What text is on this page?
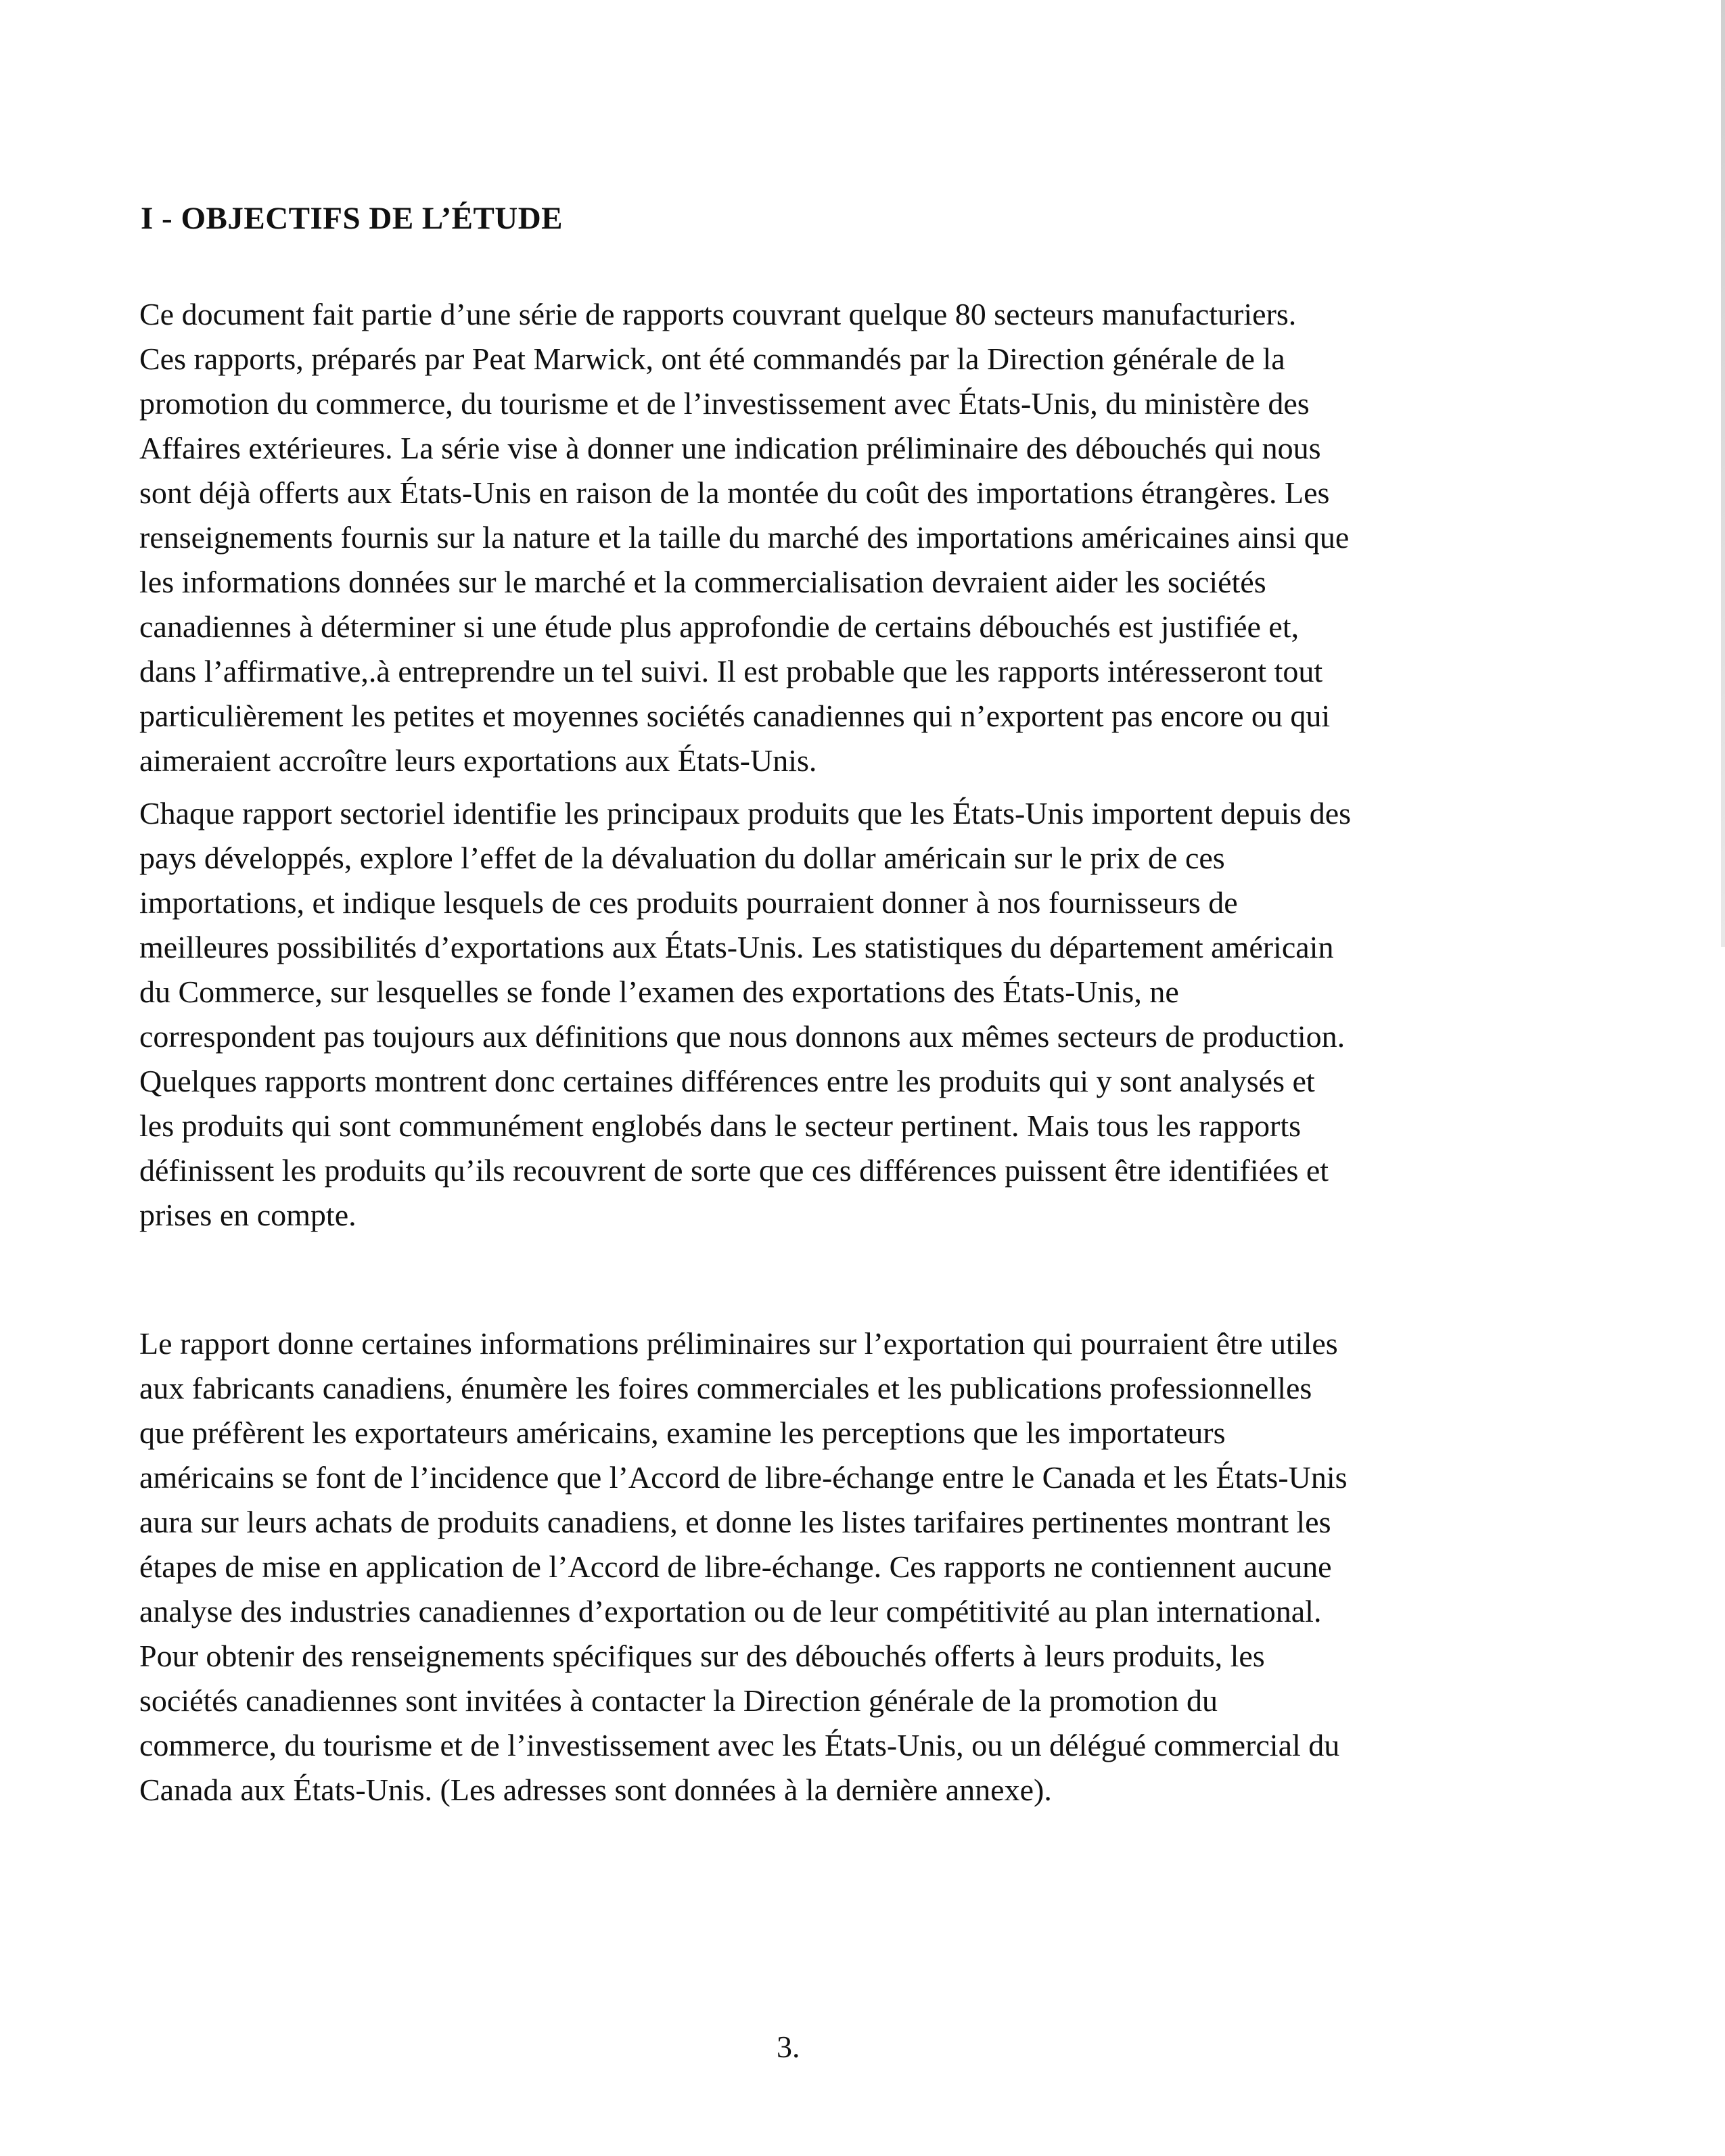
I - OBJECTIFS DE L’ÉTUDE
Ce document fait partie d’une série de rapports couvrant quelque 80 secteurs manufacturiers.
Ces rapports, préparés par Peat Marwick, ont été commandés par la Direction générale de la
promotion du commerce, du tourisme et de l’investissement avec États-Unis, du ministère des
Affaires extérieures. La série vise à donner une indication préliminaire des débouchés qui nous
sont déjà offerts aux États-Unis en raison de la montée du coût des importations étrangères. Les
renseignements fournis sur la nature et la taille du marché des importations américaines ainsi que
les informations données sur le marché et la commercialisation devraient aider les sociétés
canadiennes à déterminer si une étude plus approfondie de certains débouchés est justifiée et,
dans l’affirmative,.à entreprendre un tel suivi. Il est probable que les rapports intéresseront tout
particulièrement les petites et moyennes sociétés canadiennes qui n’exportent pas encore ou qui
aimeraient accroître leurs exportations aux États-Unis.
Chaque rapport sectoriel identifie les principaux produits que les États-Unis importent depuis des
pays développés, explore l’effet de la dévaluation du dollar américain sur le prix de ces
importations, et indique lesquels de ces produits pourraient donner à nos fournisseurs de
meilleures possibilités d’exportations aux États-Unis. Les statistiques du département américain
du Commerce, sur lesquelles se fonde l’examen des exportations des États-Unis, ne
correspondent pas toujours aux définitions que nous donnons aux mêmes secteurs de production.
Quelques rapports montrent donc certaines différences entre les produits qui y sont analysés et
les produits qui sont communément englobés dans le secteur pertinent. Mais tous les rapports
définissent les produits qu’ils recouvrent de sorte que ces différences puissent être identifiées et
prises en compte.
Le rapport donne certaines informations préliminaires sur l’exportation qui pourraient être utiles
aux fabricants canadiens, énumère les foires commerciales et les publications professionnelles
que préfèrent les exportateurs américains, examine les perceptions que les importateurs
américains se font de l’incidence que l’Accord de libre-échange entre le Canada et les États-Unis
aura sur leurs achats de produits canadiens, et donne les listes tarifaires pertinentes montrant les
étapes de mise en application de l’Accord de libre-échange. Ces rapports ne contiennent aucune
analyse des industries canadiennes d’exportation ou de leur compétitivité au plan international.
Pour obtenir des renseignements spécifiques sur des débouchés offerts à leurs produits, les
sociétés canadiennes sont invitées à contacter la Direction générale de la promotion du
commerce, du tourisme et de l’investissement avec les États-Unis, ou un délégué commercial du
Canada aux États-Unis. (Les adresses sont données à la dernière annexe).
3.
